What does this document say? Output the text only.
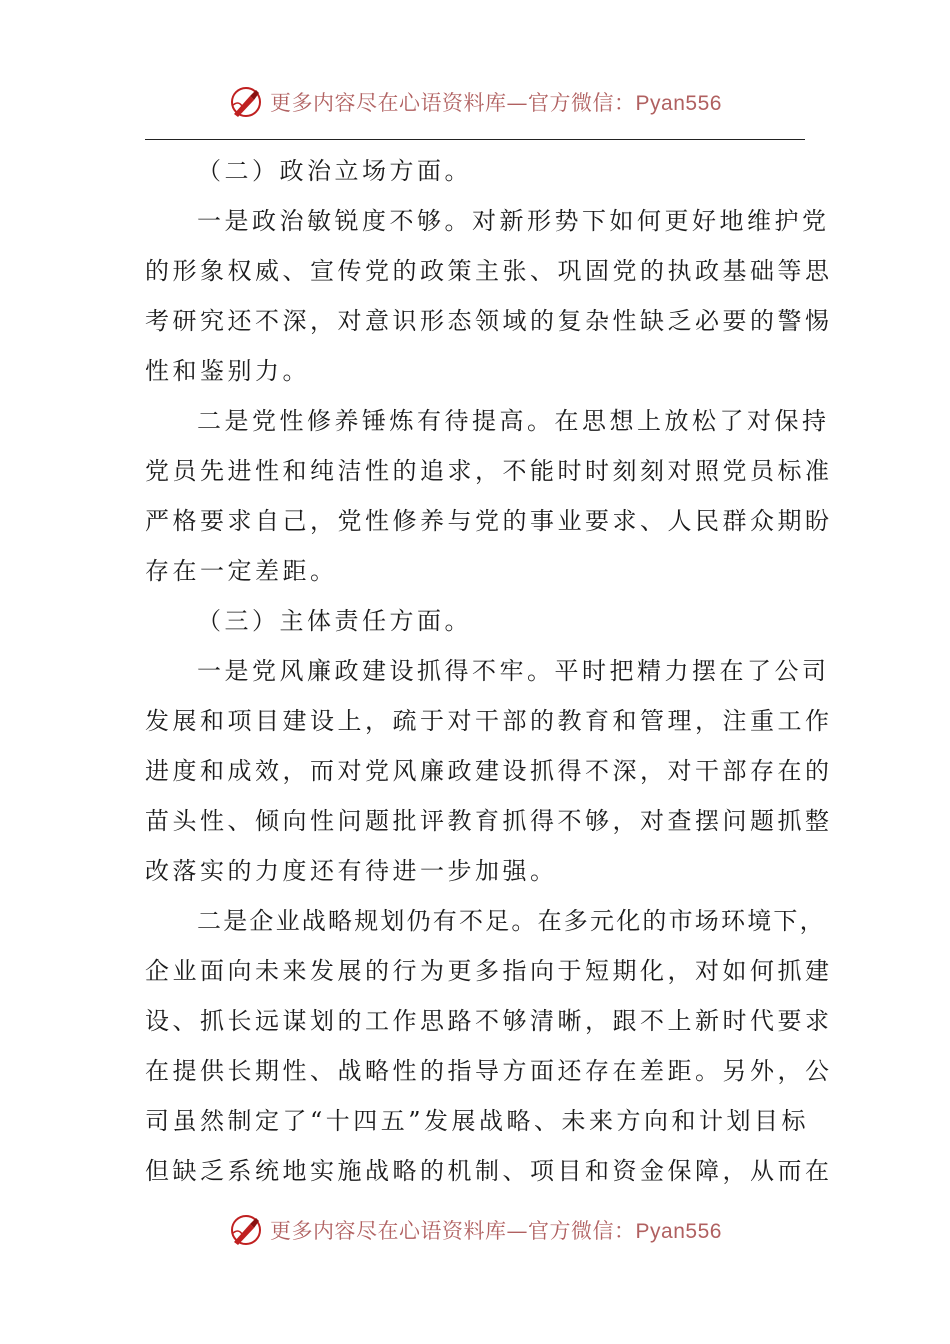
更多内容尽在心语资料库—官方微信：Pyan556
（二）政治立场方面。
一是政治敏锐度不够。对新形势下如何更好地维护党
的形象权威、宣传党的政策主张、巩固党的执政基础等思
考研究还不深，对意识形态领域的复杂性缺乏必要的警惕
性和鉴别力。
二是党性修养锤炼有待提高。在思想上放松了对保持
党员先进性和纯洁性的追求，不能时时刻刻对照党员标准
严格要求自己，党性修养与党的事业要求、人民群众期盼
存在一定差距。
（三）主体责任方面。
一是党风廉政建设抓得不牢。平时把精力摆在了公司
发展和项目建设上，疏于对干部的教育和管理，注重工作
进度和成效，而对党风廉政建设抓得不深，对干部存在的
苗头性、倾向性问题批评教育抓得不够，对查摆问题抓整
改落实的力度还有待进一步加强。
二是企业战略规划仍有不足。在多元化的市场环境下，
企业面向未来发展的行为更多指向于短期化，对如何抓建
设、抓长远谋划的工作思路不够清晰，跟不上新时代要求
在提供长期性、战略性的指导方面还存在差距。另外，公
司虽然制定了“十四五”发展战略、未来方向和计划目标
但缺乏系统地实施战略的机制、项目和资金保障，从而在
更多内容尽在心语资料库—官方微信：Pyan556
